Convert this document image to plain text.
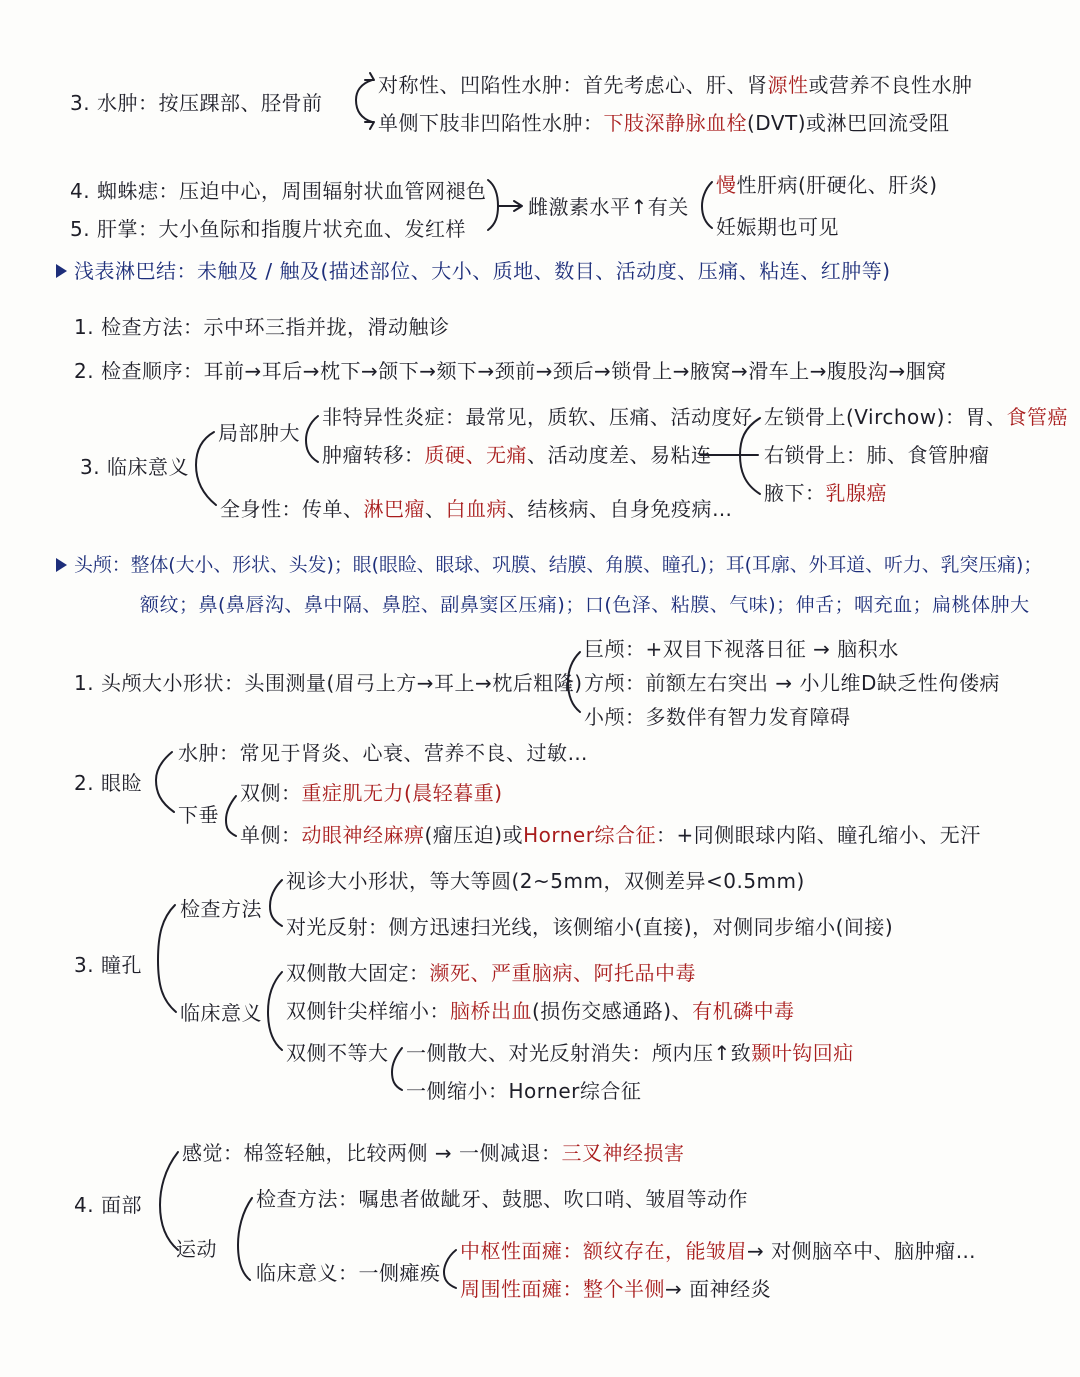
3. 水肿：按压踝部、胫骨前
对称性、凹陷性水肿：首先考虑心、肝、肾源性或营养不良性水肿
单侧下肢非凹陷性水肿：下肢深静脉血栓(DVT)或淋巴回流受阻
4. 蜘蛛痣：压迫中心，周围辐射状血管网褪色
5. 肝掌：大小鱼际和指腹片状充血、发红样
雌激素水平↑有关
慢性肝病(肝硬化、肝炎)
妊娠期也可见
浅表淋巴结：未触及 / 触及(描述部位、大小、质地、数目、活动度、压痛、粘连、红肿等)
1. 检查方法：示中环三指并拢，滑动触诊
2. 检查顺序：耳前→耳后→枕下→颌下→颏下→颈前→颈后→锁骨上→腋窝→滑车上→腹股沟→腘窝
3. 临床意义
局部肿大
非特异性炎症：最常见，质软、压痛、活动度好
肿瘤转移：质硬、无痛、活动度差、易粘连
左锁骨上(Virchow)：胃、食管癌
右锁骨上：肺、食管肿瘤
腋下：乳腺癌
全身性：传单、淋巴瘤、白血病、结核病、自身免疫病…
头颅：整体(大小、形状、头发)；眼(眼睑、眼球、巩膜、结膜、角膜、瞳孔)；耳(耳廓、外耳道、听力、乳突压痛)；
额纹；鼻(鼻唇沟、鼻中隔、鼻腔、副鼻窦区压痛)；口(色泽、粘膜、气味)；伸舌；咽充血；扁桃体肿大
1. 头颅大小形状：头围测量(眉弓上方→耳上→枕后粗隆)
巨颅：+双目下视落日征 → 脑积水
方颅：前额左右突出 → 小儿维D缺乏性佝偻病
小颅：多数伴有智力发育障碍
2. 眼睑
水肿：常见于肾炎、心衰、营养不良、过敏…
下垂
双侧：重症肌无力(晨轻暮重)
单侧：动眼神经麻痹(瘤压迫)或Horner综合征：+同侧眼球内陷、瞳孔缩小、无汗
3. 瞳孔
检查方法
视诊大小形状，等大等圆(2~5mm，双侧差异<0.5mm)
对光反射：侧方迅速扫光线，该侧缩小(直接)，对侧同步缩小(间接)
临床意义
双侧散大固定：濒死、严重脑病、阿托品中毒
双侧针尖样缩小：脑桥出血(损伤交感通路)、有机磷中毒
双侧不等大 一侧散大、对光反射消失：颅内压↑致颞叶钩回疝
一侧缩小：Horner综合征
4. 面部
感觉：棉签轻触，比较两侧 → 一侧减退：三叉神经损害
运动
检查方法：嘱患者做龇牙、鼓腮、吹口哨、皱眉等动作
临床意义：一侧瘫痪
中枢性面瘫：额纹存在，能皱眉→ 对侧脑卒中、脑肿瘤…
周围性面瘫：整个半侧→ 面神经炎
